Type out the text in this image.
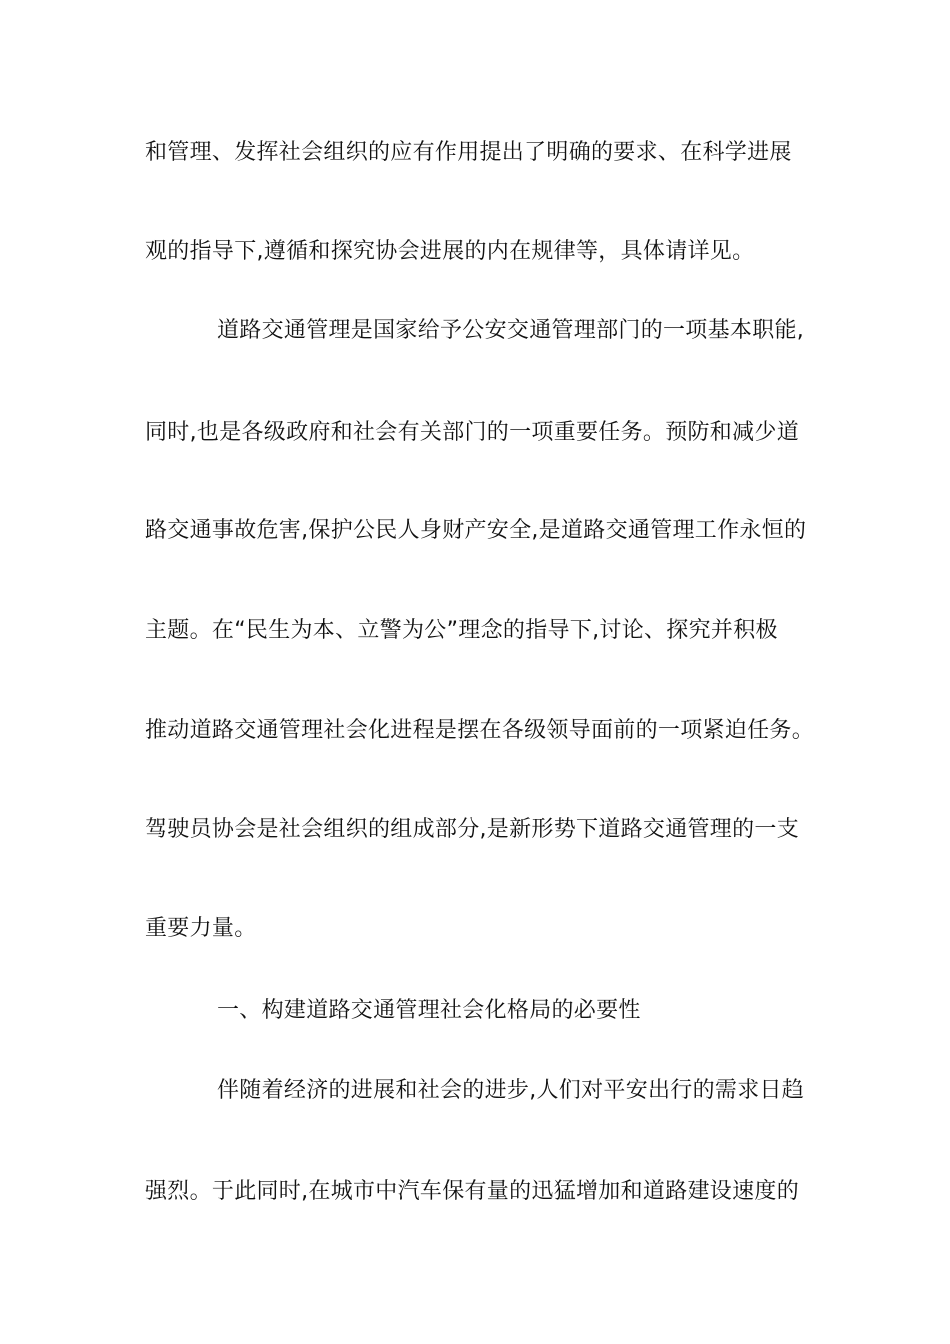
和管理、发挥社会组织的应有作用提出了明确的要求、在科学进展
观的指导下,遵循和探究协会进展的内在规律等，具体请详见。
道路交通管理是国家给予公安交通管理部门的一项基本职能,
同时,也是各级政府和社会有关部门的一项重要任务。预防和减少道
路交通事故危害,保护公民人身财产安全,是道路交通管理工作永恒的
主题。在“民生为本、立警为公”理念的指导下,讨论、探究并积极
推动道路交通管理社会化进程是摆在各级领导面前的一项紧迫任务。
驾驶员协会是社会组织的组成部分,是新形势下道路交通管理的一支
重要力量。
一、构建道路交通管理社会化格局的必要性
伴随着经济的进展和社会的进步,人们对平安出行的需求日趋
强烈。于此同时,在城市中汽车保有量的迅猛增加和道路建设速度的
